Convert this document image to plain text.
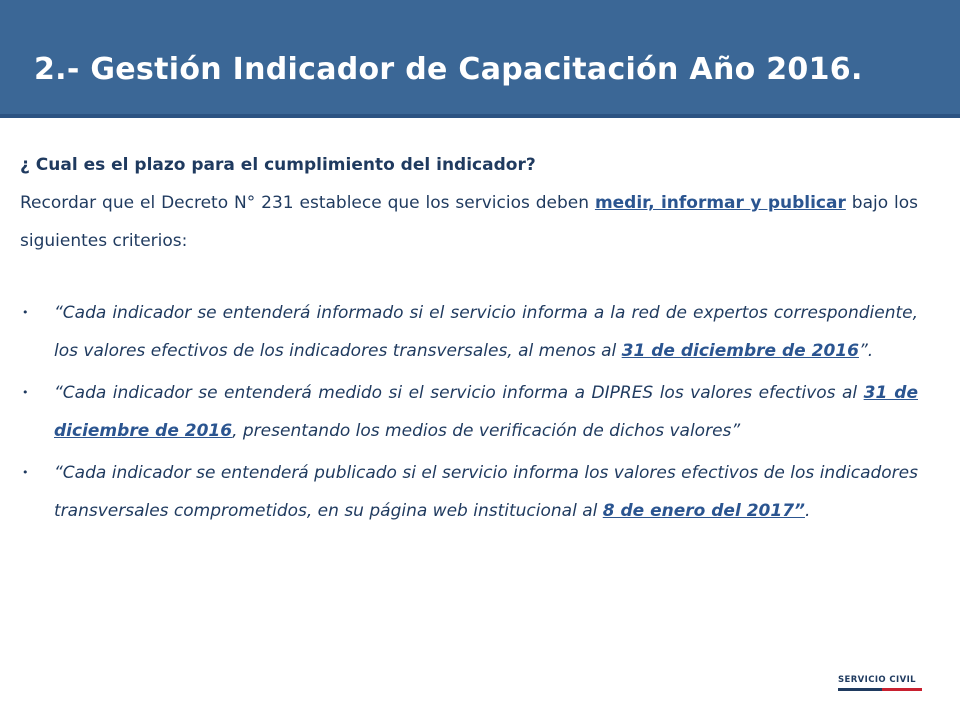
2.- Gestión Indicador de Capacitación Año 2016.

¿ Cual es el plazo para el cumplimiento del indicador?

Recordar que el Decreto N° 231 establece que los servicios deben medir, informar y publicar bajo los siguientes criterios:

• “Cada indicador se entenderá informado si el servicio informa a la red de expertos correspondiente, los valores efectivos de los indicadores transversales, al menos al 31 de diciembre de 2016”.
• “Cada indicador se entenderá medido si el servicio informa a DIPRES los valores efectivos al 31 de diciembre de 2016, presentando los medios de verificación de dichos valores”
• “Cada indicador se entenderá publicado si el servicio informa los valores efectivos de los indicadores transversales comprometidos, en su página web institucional al 8 de enero del 2017”.
SERVICIO CIVIL
